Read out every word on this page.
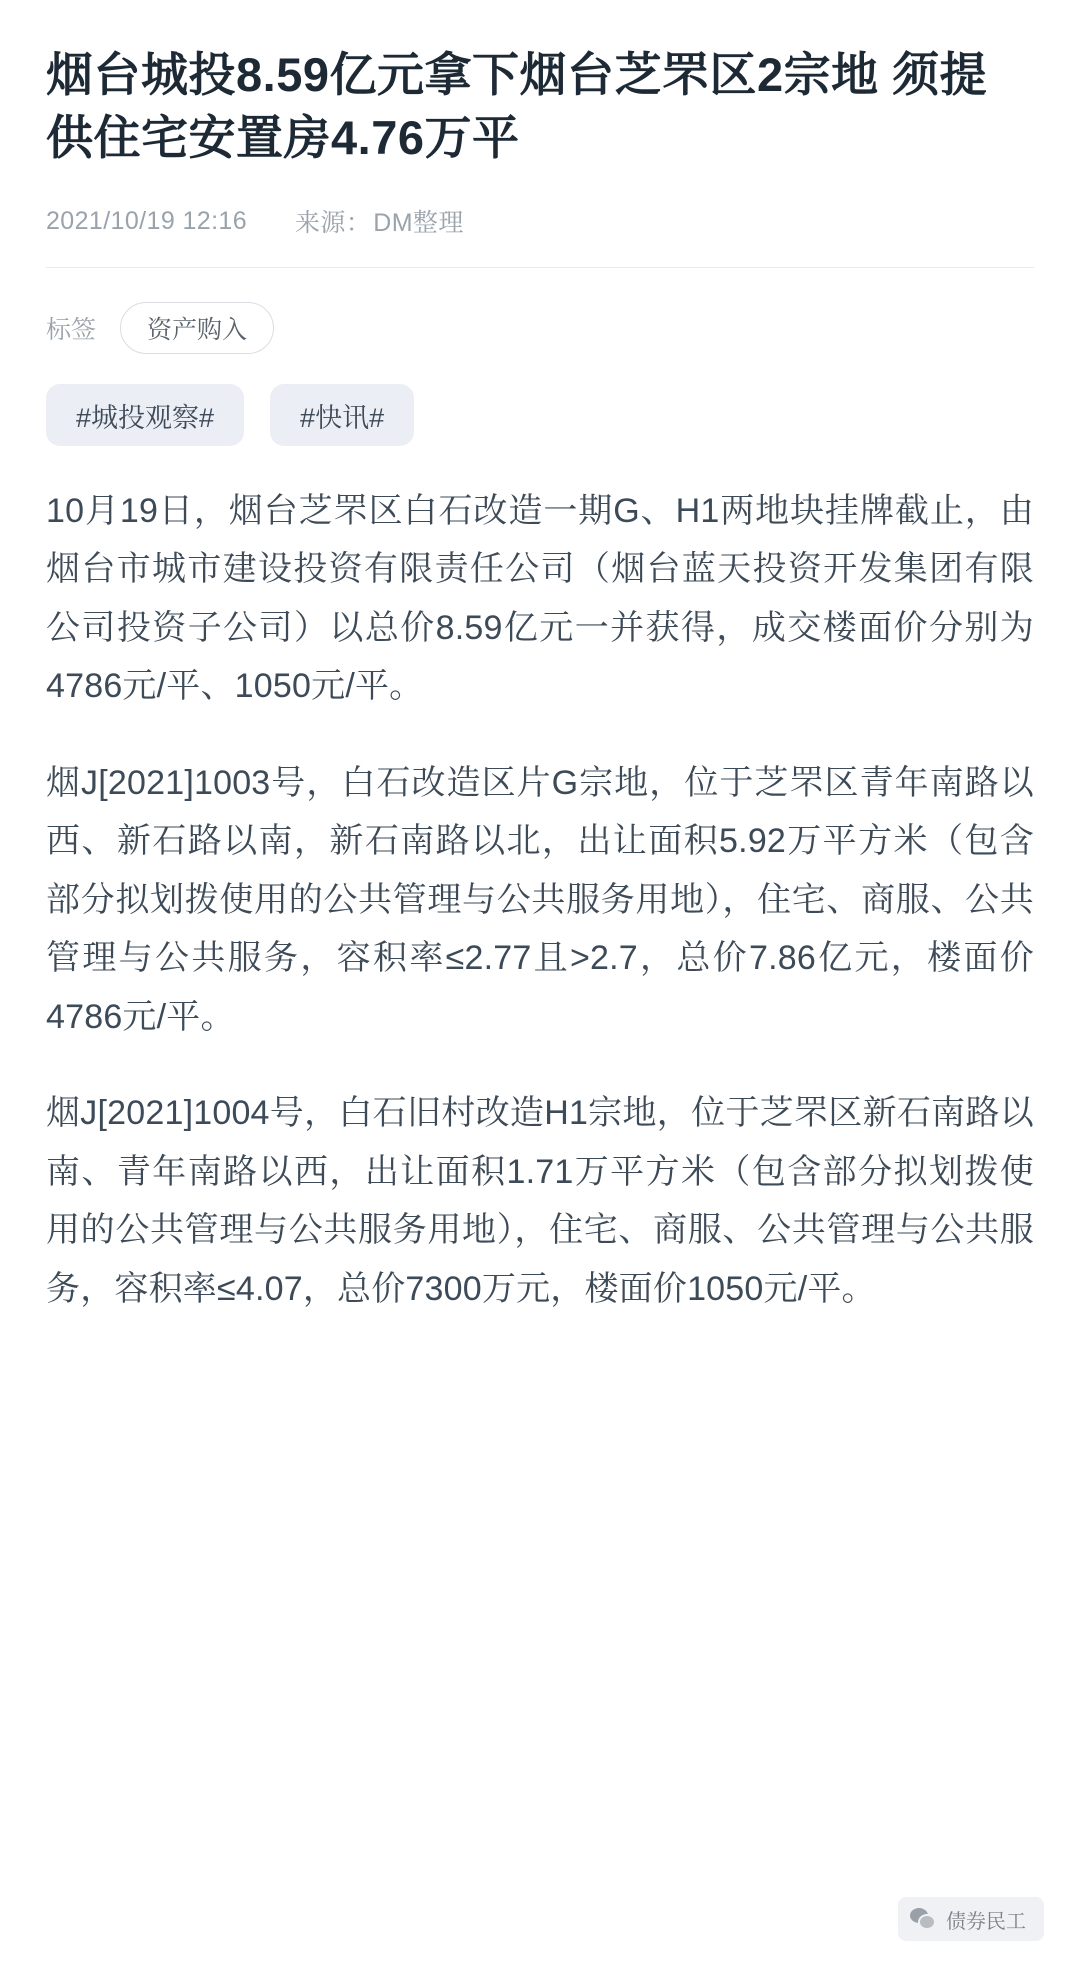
烟台城投8.59亿元拿下烟台芝罘区2宗地 须提供住宅安置房4.76万平
2021/10/19 12:16 来源： DM整理
标签	资产购入
#城投观察#	#快讯#

10月19日，烟台芝罘区白石改造一期G、H1两地块挂牌截止，由烟台市城市建设投资有限责任公司（烟台蓝天投资开发集团有限公司投资子公司）以总价8.59亿元一并获得，成交楼面价分别为4786元/平、1050元/平。

烟J[2021]1003号，白石改造区片G宗地，位于芝罘区青年南路以西、新石路以南，新石南路以北，出让面积5.92万平方米（包含部分拟划拨使用的公共管理与公共服务用地），住宅、商服、公共管理与公共服务，容积率≤2.77且>2.7，总价7.86亿元，楼面价4786元/平。

烟J[2021]1004号，白石旧村改造H1宗地，位于芝罘区新石南路以南、青年南路以西，出让面积1.71万平方米（包含部分拟划拨使用的公共管理与公共服务用地），住宅、商服、公共管理与公共服务，容积率≤4.07，总价7300万元，楼面价1050元/平。

债券民工
